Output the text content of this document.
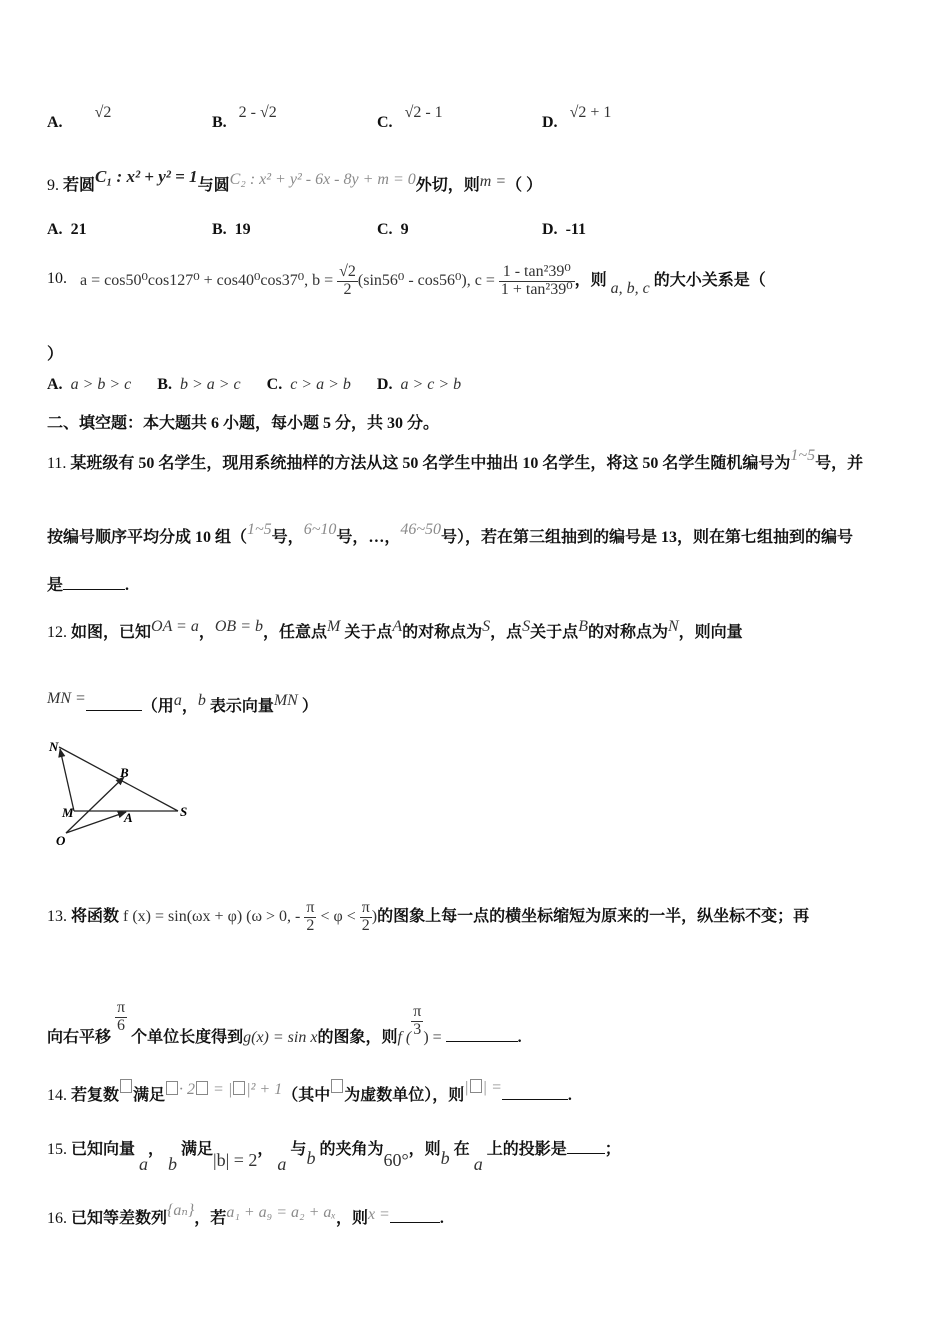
A. √2
B. 2 - √2
C. √2 - 1
D. √2 + 1
9. 若圆C₁ : x² + y² = 1与圆C₂ : x² + y² - 6x - 8y + m = 0外切，则m =（ ）
A. 21	B. 19	C. 9	D. -11
10. a = cos50⁰cos127⁰ + cos40⁰cos37⁰, $b = \frac{√2}{2} (\sin 56^0 - \cos 56^0)$, $c = \frac{\text{1 - tan²39⁰}}{\text{1 + tan²39⁰}}$ ，则 a, b, c 的大小关系是（
）
A. a > b > c B. b > a > c C. c > a > b D. a > c > b
二、填空题：本大题共 6 小题，每小题 5 分，共 30 分。
11. 某班级有 50 名学生，现用系统抽样的方法从这 50 名学生中抽出 10 名学生，将这 50 名学生随机编号为1~5号，并
按编号顺序平均分成 10 组（1~5号，6~10号，…，46~50号），若在第三组抽到的编号是 13，则在第七组抽到的编号
是	.
12. 如图，已知OA = a，OB = b，任意点M 关于点A的对称点为S，点S关于点B的对称点为N，则向量
MN =	（用a，b 表示向量MN ）
N
B
M	A	S
O
13. 将函数 f (x) = sin(ωx + φ) (ω > 0, - $\frac{\pi}{2} < \varphi < \frac{\pi}{2}$ )的图象上每一点的横坐标缩短为原来的一半，纵坐标不变；再
向右平移
$\frac{\pi}{6}$
个单位长度得到g(x) = sin x的图象，则f ( $\frac{\pi}{3}$ ) =	.
14. 若复数 满足 · 2 = | |² + 1（其中 为虚数单位），则| | =	.
15. 已知向量 a， b 满足|b| = 2， a 与b 的夹角为60°，则b 在 a 上的投影是 ；
16. 已知等差数列{aₙ}，若a₁ + a₉ = a₂ + aₓ，则x =	.
